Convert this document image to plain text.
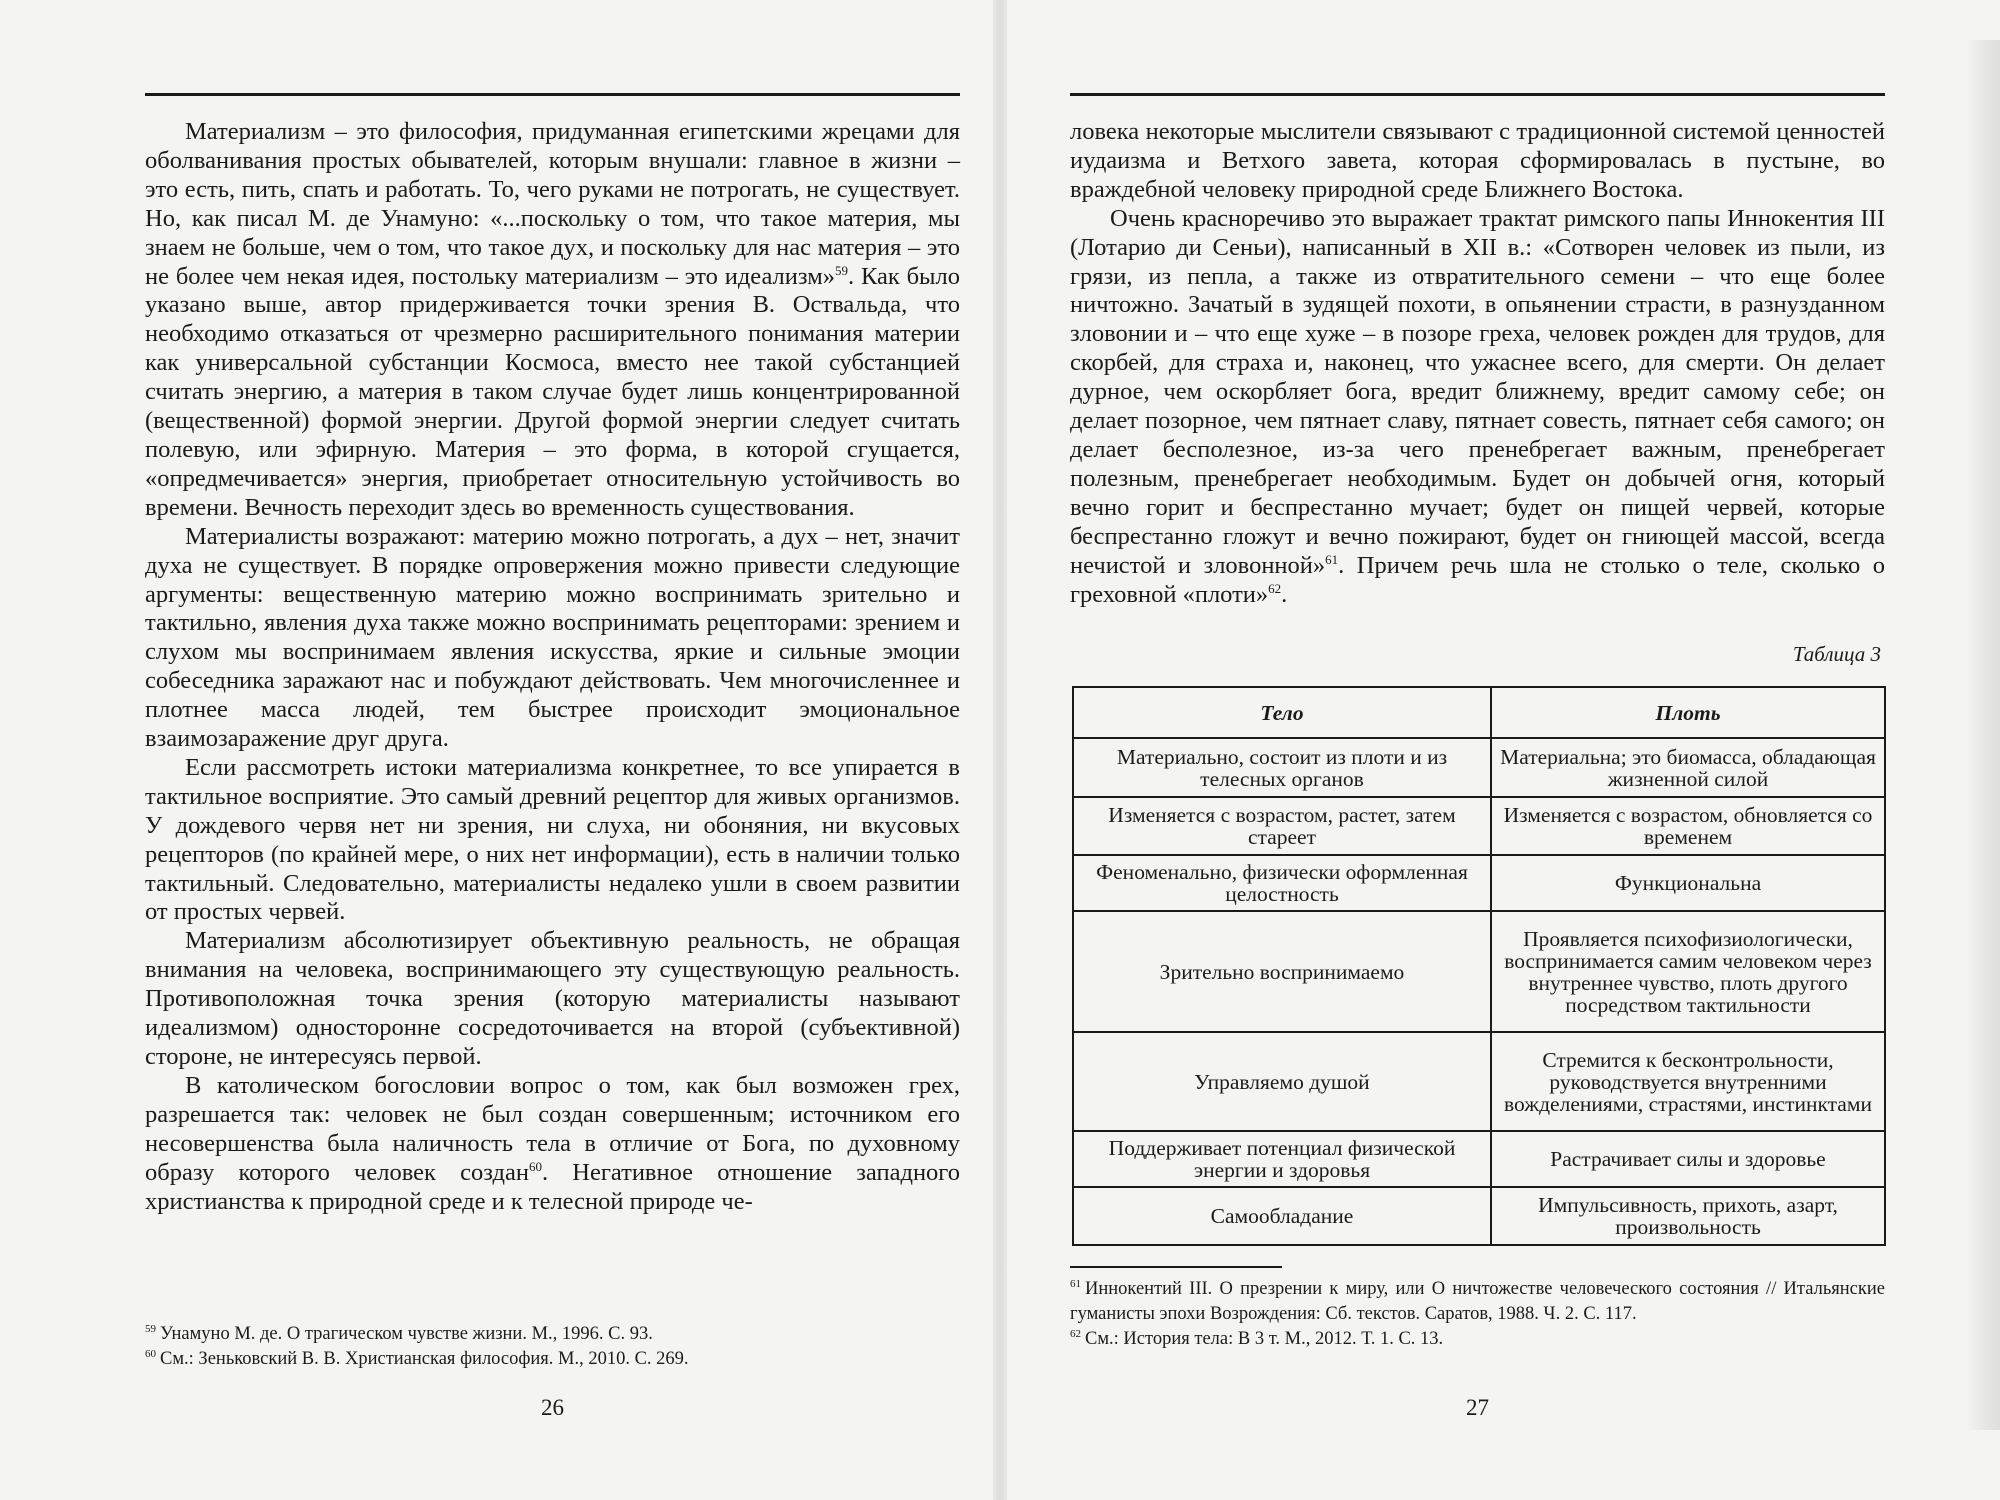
Материализм – это философия, придуманная египетскими жрецами для оболванивания простых обывателей, которым внушали: главное в жизни – это есть, пить, спать и работать. То, чего руками не потрогать, не существует. Но, как писал М. де Унамуно: «...поскольку о том, что такое материя, мы знаем не больше, чем о том, что такое дух, и поскольку для нас материя – это не более чем некая идея, постольку материализм – это идеализм»$^{59}$. Как было указано выше, автор придерживается точки зрения В. Оствальда, что необходимо отказаться от чрезмерно расширительного понимания материи как универсальной субстанции Космоса, вместо нее такой субстанцией считать энергию, а материя в таком случае будет лишь концентрированной (вещественной) формой энергии. Другой формой энергии следует считать полевую, или эфирную. Материя – это форма, в которой сгущается, «опредмечивается» энергия, приобретает относительную устойчивость во времени. Вечность переходит здесь во временность существования.

Материалисты возражают: материю можно потрогать, а дух – нет, значит духа не существует. В порядке опровержения можно привести следующие аргументы: вещественную материю можно воспринимать зрительно и тактильно, явления духа также можно воспринимать рецепторами: зрением и слухом мы воспринимаем явления искусства, яркие и сильные эмоции собеседника заражают нас и побуждают действовать. Чем многочисленнее и плотнее масса людей, тем быстрее происходит эмоциональное взаимозаражение друг друга.

Если рассмотреть истоки материализма конкретнее, то все упирается в тактильное восприятие. Это самый древний рецептор для живых организмов. У дождевого червя нет ни зрения, ни слуха, ни обоняния, ни вкусовых рецепторов (по крайней мере, о них нет информации), есть в наличии только тактильный. Следовательно, материалисты недалеко ушли в своем развитии от простых червей.

Материализм абсолютизирует объективную реальность, не обращая внимания на человека, воспринимающего эту существующую реальность. Противоположная точка зрения (которую материалисты называют идеализмом) односторонне сосредоточивается на второй (субъективной) стороне, не интересуясь первой.

В католическом богословии вопрос о том, как был возможен грех, разрешается так: человек не был создан совершенным; источником его несовершенства была наличность тела в отличие от Бога, по духовному образу которого человек создан$^{60}$. Негативное отношение западного христианства к природной среде и к телесной природе че-

$^{59}$ Унамуно М. де. О трагическом чувстве жизни. М., 1996. С. 93.

$^{60}$ См.: Зеньковский В. В. Христианская философия. М., 2010. С. 269.

26

ловека некоторые мыслители связывают с традиционной системой ценностей иудаизма и Ветхого завета, которая сформировалась в пустыне, во враждебной человеку природной среде Ближнего Востока.

Очень красноречиво это выражает трактат римского папы Иннокентия III (Лотарио ди Сеньи), написанный в XII в.: «Сотворен человек из пыли, из грязи, из пепла, а также из отвратительного семени – что еще более ничтожно. Зачатый в зудящей похоти, в опьянении страсти, в разнузданном зловонии и – что еще хуже – в позоре греха, человек рожден для трудов, для скорбей, для страха и, наконец, что ужаснее всего, для смерти. Он делает дурное, чем оскорбляет бога, вредит ближнему, вредит самому себе; он делает позорное, чем пятнает славу, пятнает совесть, пятнает себя самого; он делает бесполезное, из-за чего пренебрегает важным, пренебрегает полезным, пренебрегает необходимым. Будет он добычей огня, который вечно горит и беспрестанно мучает; будет он пищей червей, которые беспрестанно гложут и вечно пожирают, будет он гниющей массой, всегда нечистой и зловонной»$^{61}$. Причем речь шла не столько о теле, сколько о греховной «плоти»$^{62}$.

Таблица 3
Тело	Плоть
Материально, состоит из плоти и из телесных органов	Материальна; это биомасса, обладающая жизненной силой
Изменяется с возрастом, растет, затем стареет	Изменяется с возрастом, обновляется со временем
Феноменально, физически оформленная целостность	Функциональна
Зрительно воспринимаемо	Проявляется психофизиологически, воспринимается самим человеком через внутреннее чувство, плоть другого посредством тактильности
Управляемо душой	Стремится к бесконтрольности, руководствуется внутренними вожделениями, страстями, инстинктами
Поддерживает потенциал физической энергии и здоровья	Растрачивает силы и здоровье
Самообладание	Импульсивность, прихоть, азарт, произвольность

$^{61}$ Иннокентий III. О презрении к миру, или О ничтожестве человеческого состояния // Итальянские гуманисты эпохи Возрождения: Сб. текстов. Саратов, 1988. Ч. 2. С. 117.

$^{62}$ См.: История тела: В 3 т. М., 2012. Т. 1. С. 13.

27
